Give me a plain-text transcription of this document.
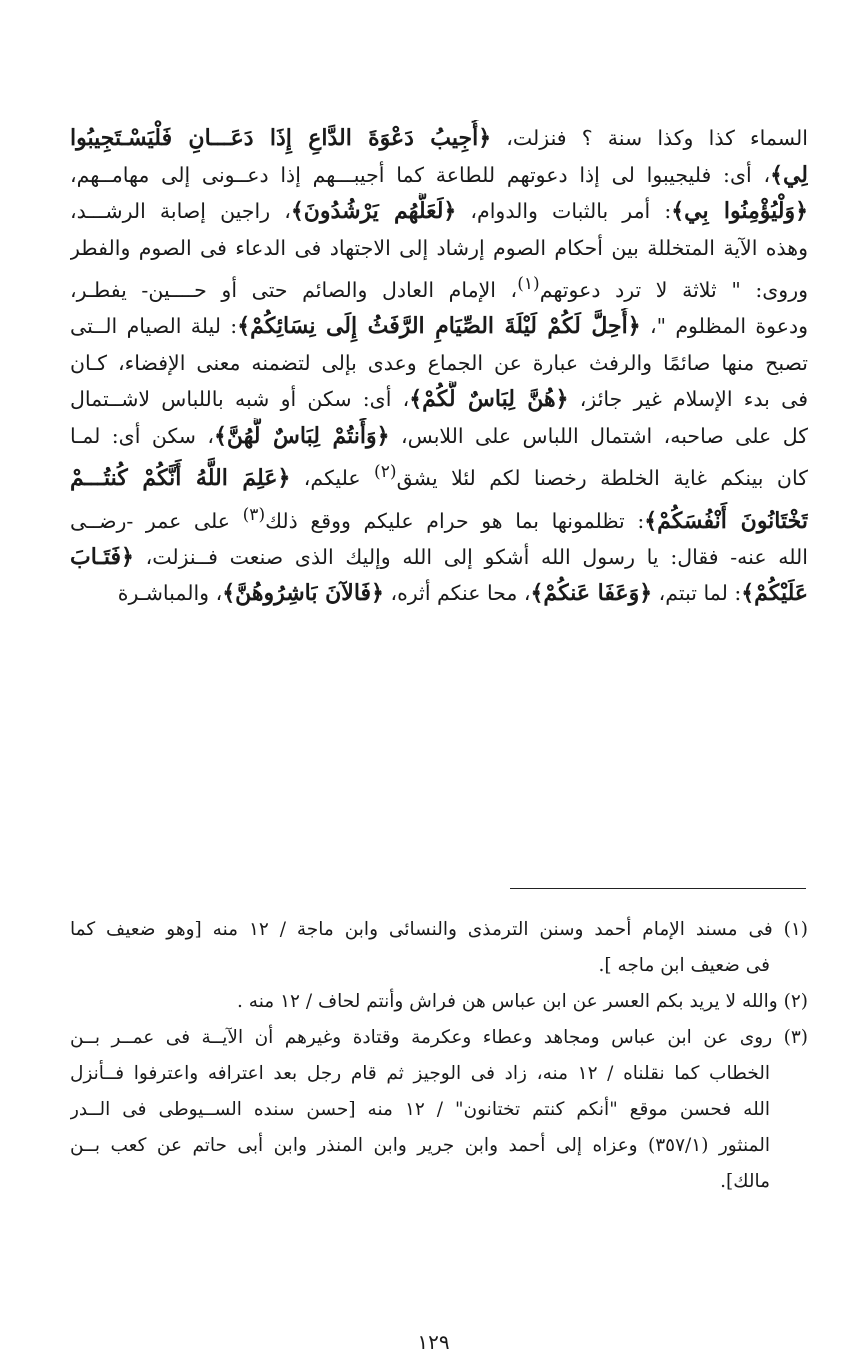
السماء كذا وكذا سنة ؟ فنزلت، ﴿أُجِيبُ دَعْوَةَ الدَّاعِ إِذَا دَعَـــانِ فَلْيَسْـتَجِيبُوا
لِي﴾، أى: فليجيبوا لى إذا دعوتهم للطاعة كما أجيبـــهم إذا دعــونى إلى مهامــهم،
﴿وَلْيُؤْمِنُوا بِي﴾: أمر بالثبات والدوام، ﴿لَعَلَّهُم يَرْشُدُونَ﴾، راجين إصابة الرشـــد،
وهذه الآية المتخللة بين أحكام الصوم إرشاد إلى الاجتهاد فى الدعاء فى الصوم والفطر
وروى: " ثلاثة لا ترد دعوتهم$^{(١)}$، الإمام العادل والصائم حتى أو حــــين- يفطـر،
ودعوة المظلوم "، ﴿أُحِلَّ لَكُمْ لَيْلَةَ الصِّيَامِ الرَّفَثُ إِلَى نِسَائِكُمْ﴾: ليلة الصيام الــتى
تصبح منها صائمًا والرفث عبارة عن الجماع وعدى بإلى لتضمنه معنى الإفضاء، كـان
فى بدء الإسلام غير جائز، ﴿هُنَّ لِبَاسٌ لَّكُمْ﴾، أى: سكن أو شبه باللباس لاشــتمال
كل على صاحبه، اشتمال اللباس على اللابس، ﴿وَأَنتُمْ لِبَاسٌ لَّهُنَّ﴾، سكن أى: لمـا
كان بينكم غاية الخلطة رخصنا لكم لئلا يشق$^{(٢)}$ عليكم، ﴿عَلِمَ اللَّهُ أَنَّكُمْ كُنتُـــمْ
تَخْتَانُونَ أَنْفُسَكُمْ﴾: تظلمونها بما هو حرام عليكم ووقع ذلك$^{(٣)}$ على عمر -رضــى
الله عنه- فقال: يا رسول الله أشكو إلى الله وإليك الذى صنعت فــنزلت، ﴿فَتَـابَ
عَلَيْكُمْ﴾: لما تبتم، ﴿وَعَفَا عَنكُمْ﴾، محا عنكم أثره، ﴿فَالآنَ بَاشِرُوهُنَّ﴾، والمباشـرة
(١) فى مسند الإمام أحمد وسنن الترمذى والنسائى وابن ماجة / ١٢ منه [وهو ضعيف كما
فى ضعيف ابن ماجه ].
(٢) والله لا يريد بكم العسر عن ابن عباس هن فراش وأنتم لحاف / ١٢ منه .
(٣) روى عن ابن عباس ومجاهد وعطاء وعكرمة وقتادة وغيرهم أن الآيــة فى عمــر بــن
الخطاب كما نقلناه / ١٢ منه، زاد فى الوجيز ثم قام رجل بعد اعترافه واعترفوا فــأنزل
الله فحسن موقع "أنكم كنتم تختانون" / ١٢ منه [حسن سنده الســيوطى فى الــدر
المنثور (٣٥٧/١) وعزاه إلى أحمد وابن جرير وابن المنذر وابن أبى حاتم عن كعب بــن
مالك].
١٢٩
